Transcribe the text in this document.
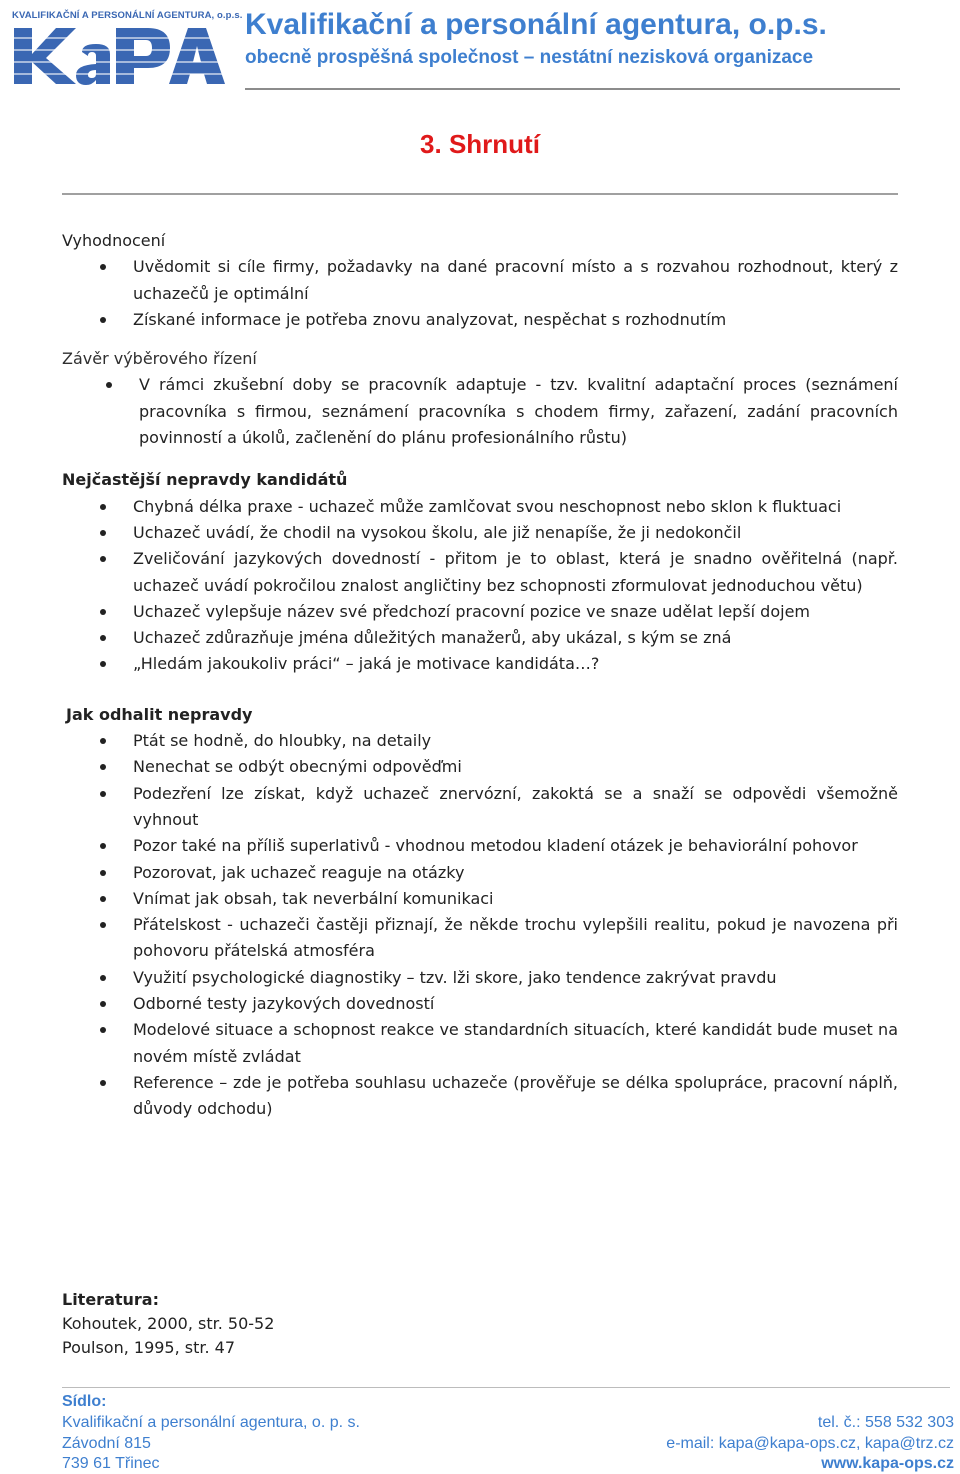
KVALIFIKAČNÍ A PERSONÁLNÍ AGENTURA, o.p.s. Kvalifikační a personální agentura, o.p.s.
obecně prospěšná společnost – nestátní nezisková organizace
3. Shrnutí
Vyhodnocení
Uvědomit si cíle firmy, požadavky na dané pracovní místo a s rozvahou rozhodnout, který z uchazečů je optimální
Získané informace je potřeba znovu analyzovat, nespěchat s rozhodnutím
Závěr výběrového řízení
V rámci zkušební doby se pracovník adaptuje - tzv. kvalitní adaptační proces (seznámení pracovníka s firmou, seznámení pracovníka s chodem firmy, zařazení, zadání pracovních povinností a úkolů, začlenění do plánu profesionálního růstu)
Nejčastější nepravdy kandidátů
Chybná délka praxe - uchazeč může zamlčovat svou neschopnost nebo sklon k fluktuaci
Uchazeč uvádí, že chodil na vysokou školu, ale již nenapíše, že ji nedokončil
Zveličování jazykových dovedností - přitom je to oblast, která je snadno ověřitelná (např. uchazeč uvádí pokročilou znalost angličtiny bez schopnosti zformulovat jednoduchou větu)
Uchazeč vylepšuje název své předchozí pracovní pozice ve snaze udělat lepší dojem
Uchazeč zdůrazňuje jména důležitých manažerů, aby ukázal, s kým se zná
„Hledám jakoukoliv práci“ – jaká je motivace kandidáta…?
Jak odhalit nepravdy
Ptát se hodně, do hloubky, na detaily
Nenechat se odbýt obecnými odpověďmi
Podezření lze získat, když uchazeč znervózní, zakoktá se a snaží se odpovědi všemožně vyhnout
Pozor také na příliš superlativů - vhodnou metodou kladení otázek je behaviorální pohovor
Pozorovat, jak uchazeč reaguje na otázky
Vnímat jak obsah, tak neverbální komunikaci
Přátelskost - uchazeči častěji přiznají, že někde trochu vylepšili realitu, pokud je navozena při pohovoru přátelská atmosféra
Využití psychologické diagnostiky – tzv. lži skore, jako tendence zakrývat pravdu
Odborné testy jazykových dovedností
Modelové situace a schopnost reakce ve standardních situacích, které kandidát bude muset na novém místě zvládat
Reference – zde je potřeba souhlasu uchazeče (prověřuje se délka spolupráce, pracovní náplň, důvody odchodu)
Literatura:
Kohoutek, 2000, str. 50-52
Poulson, 1995, str. 47
Sídlo:
Kvalifikační a personální agentura, o. p. s.
Závodní 815
739 61 Třinec
tel. č.: 558 532 303
e-mail: kapa@kapa-ops.cz, kapa@trz.cz
www.kapa-ops.cz
